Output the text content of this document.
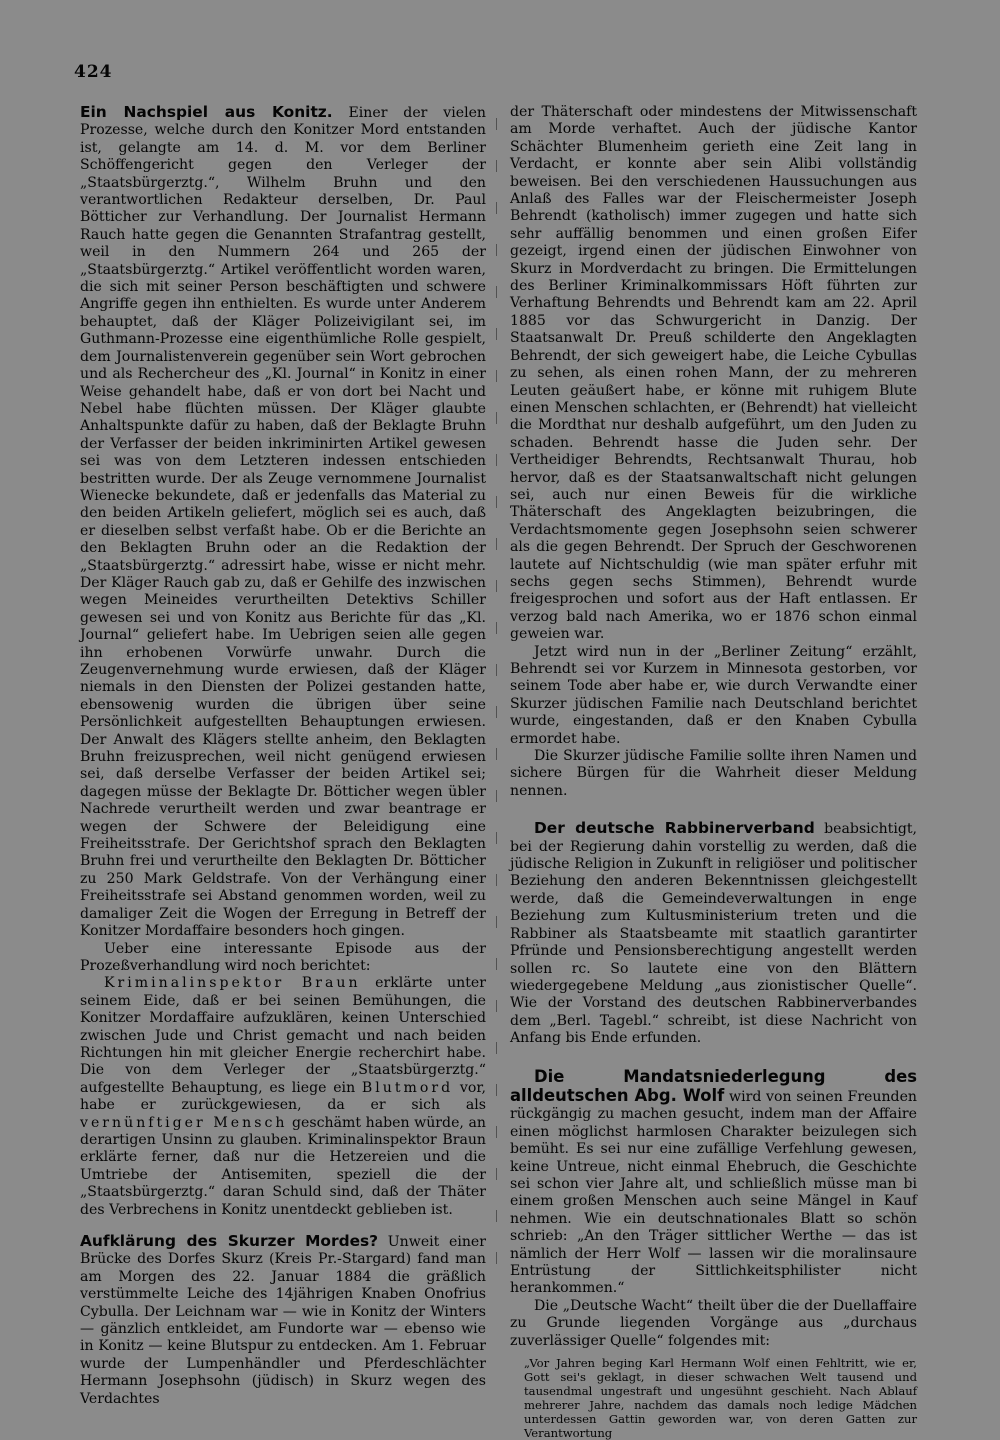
424

Ein Nachspiel aus Konitz. Einer der vielen Prozesse, welche durch den Konitzer Mord entstanden ist, gelangte am 14. d. M. vor dem Berliner Schöffengericht gegen den Verleger der „Staatsbürgerztg.“, Wilhelm Bruhn und den verantwortlichen Redakteur derselben, Dr. Paul Bötticher zur Verhandlung. Der Journalist Hermann Rauch hatte gegen die Genannten Strafantrag gestellt, weil in den Nummern 264 und 265 der „Staatsbürgerztg.“ Artikel veröffentlicht worden waren, die sich mit seiner Person beschäftigten und schwere Angriffe gegen ihn enthielten. Es wurde unter Anderem behauptet, daß der Kläger Polizeivigilant sei, im Guthmann-Prozesse eine eigenthümliche Rolle gespielt, dem Journalistenverein gegenüber sein Wort gebrochen und als Rechercheur des „Kl. Journal“ in Konitz in einer Weise gehandelt habe, daß er von dort bei Nacht und Nebel habe flüchten müssen. Der Kläger glaubte Anhaltspunkte dafür zu haben, daß der Beklagte Bruhn der Verfasser der beiden inkriminirten Artikel gewesen sei was von dem Letzteren indessen entschieden bestritten wurde. Der als Zeuge vernommene Journalist Wienecke bekundete, daß er jedenfalls das Material zu den beiden Artikeln geliefert, möglich sei es auch, daß er dieselben selbst verfaßt habe. Ob er die Berichte an den Beklagten Bruhn oder an die Redaktion der „Staatsbürgerztg.“ adressirt habe, wisse er nicht mehr. Der Kläger Rauch gab zu, daß er Gehilfe des inzwischen wegen Meineides verurtheilten Detektivs Schiller gewesen sei und von Konitz aus Berichte für das „Kl. Journal“ geliefert habe. Im Uebrigen seien alle gegen ihn erhobenen Vorwürfe unwahr. Durch die Zeugenvernehmung wurde erwiesen, daß der Kläger niemals in den Diensten der Polizei gestanden hatte, ebensowenig wurden die übrigen über seine Persönlichkeit aufgestellten Behauptungen erwiesen. Der Anwalt des Klägers stellte anheim, den Beklagten Bruhn freizusprechen, weil nicht genügend erwiesen sei, daß derselbe Verfasser der beiden Artikel sei; dagegen müsse der Beklagte Dr. Bötticher wegen übler Nachrede verurtheilt werden und zwar beantrage er wegen der Schwere der Beleidigung eine Freiheitsstrafe. Der Gerichtshof sprach den Beklagten Bruhn frei und verurtheilte den Beklagten Dr. Bötticher zu 250 Mark Geldstrafe. Von der Verhängung einer Freiheitsstrafe sei Abstand genommen worden, weil zu damaliger Zeit die Wogen der Erregung in Betreff der Konitzer Mordaffaire besonders hoch gingen.

Ueber eine interessante Episode aus der Prozeßverhandlung wird noch berichtet:

Kriminalinspektor Braun erklärte unter seinem Eide, daß er bei seinen Bemühungen, die Konitzer Mordaffaire aufzuklären, keinen Unterschied zwischen Jude und Christ gemacht und nach beiden Richtungen hin mit gleicher Energie recherchirt habe. Die von dem Verleger der „Staatsbürgerztg.“ aufgestellte Behauptung, es liege ein Blutmord vor, habe er zurückgewiesen, da er sich als vernünftiger Mensch geschämt haben würde, an derartigen Unsinn zu glauben. Kriminalinspektor Braun erklärte ferner, daß nur die Hetzereien und die Umtriebe der Antisemiten, speziell die der „Staatsbürgerztg.“ daran Schuld sind, daß der Thäter des Verbrechens in Konitz unentdeckt geblieben ist.

Aufklärung des Skurzer Mordes? Unweit einer Brücke des Dorfes Skurz (Kreis Pr.-Stargard) fand man am Morgen des 22. Januar 1884 die gräßlich verstümmelte Leiche des 14jährigen Knaben Onofrius Cybulla. Der Leichnam war — wie in Konitz der Winters — gänzlich entkleidet, am Fundorte war — ebenso wie in Konitz — keine Blutspur zu entdecken. Am 1. Februar wurde der Lumpenhändler und Pferdeschlächter Hermann Josephsohn (jüdisch) in Skurz wegen des Verdachtes

der Thäterschaft oder mindestens der Mitwissenschaft am Morde verhaftet. Auch der jüdische Kantor Schächter Blumenheim gerieth eine Zeit lang in Verdacht, er konnte aber sein Alibi vollständig beweisen. Bei den verschiedenen Haussuchungen aus Anlaß des Falles war der Fleischermeister Joseph Behrendt (katholisch) immer zugegen und hatte sich sehr auffällig benommen und einen großen Eifer gezeigt, irgend einen der jüdischen Einwohner von Skurz in Mordverdacht zu bringen. Die Ermittelungen des Berliner Kriminalkommissars Höft führten zur Verhaftung Behrendts und Behrendt kam am 22. April 1885 vor das Schwurgericht in Danzig. Der Staatsanwalt Dr. Preuß schilderte den Angeklagten Behrendt, der sich geweigert habe, die Leiche Cybullas zu sehen, als einen rohen Mann, der zu mehreren Leuten geäußert habe, er könne mit ruhigem Blute einen Menschen schlachten, er (Behrendt) hat vielleicht die Mordthat nur deshalb aufgeführt, um den Juden zu schaden. Behrendt hasse die Juden sehr. Der Vertheidiger Behrendts, Rechtsanwalt Thurau, hob hervor, daß es der Staatsanwaltschaft nicht gelungen sei, auch nur einen Beweis für die wirkliche Thäterschaft des Angeklagten beizubringen, die Verdachtsmomente gegen Josephsohn seien schwerer als die gegen Behrendt. Der Spruch der Geschworenen lautete auf Nichtschuldig (wie man später erfuhr mit sechs gegen sechs Stimmen), Behrendt wurde freigesprochen und sofort aus der Haft entlassen. Er verzog bald nach Amerika, wo er 1876 schon einmal geweien war.

Jetzt wird nun in der „Berliner Zeitung“ erzählt, Behrendt sei vor Kurzem in Minnesota gestorben, vor seinem Tode aber habe er, wie durch Verwandte einer Skurzer jüdischen Familie nach Deutschland berichtet wurde, eingestanden, daß er den Knaben Cybulla ermordet habe.

Die Skurzer jüdische Familie sollte ihren Namen und sichere Bürgen für die Wahrheit dieser Meldung nennen.

Der deutsche Rabbinerverband beabsichtigt, bei der Regierung dahin vorstellig zu werden, daß die jüdische Religion in Zukunft in religiöser und politischer Beziehung den anderen Bekenntnissen gleichgestellt werde, daß die Gemeindeverwaltungen in enge Beziehung zum Kultusministerium treten und die Rabbiner als Staatsbeamte mit staatlich garantirter Pfründe und Pensionsberechtigung angestellt werden sollen rc. So lautete eine von den Blättern wiedergegebene Meldung „aus zionistischer Quelle“. Wie der Vorstand des deutschen Rabbinerverbandes dem „Berl. Tagebl.“ schreibt, ist diese Nachricht von Anfang bis Ende erfunden.

Die Mandatsniederlegung des alldeutschen Abg. Wolf wird von seinen Freunden rückgängig zu machen gesucht, indem man der Affaire einen möglichst harmlosen Charakter beizulegen sich bemüht. Es sei nur eine zufällige Verfehlung gewesen, keine Untreue, nicht einmal Ehebruch, die Geschichte sei schon vier Jahre alt, und schließlich müsse man bi einem großen Menschen auch seine Mängel in Kauf nehmen. Wie ein deutschnationales Blatt so schön schrieb: „An den Träger sittlicher Werthe — das ist nämlich der Herr Wolf — lassen wir die moralinsaure Entrüstung der Sittlichkeitsphilister nicht herankommen.“

Die „Deutsche Wacht“ theilt über die der Duellaffaire zu Grunde liegenden Vorgänge aus „durchaus zuverlässiger Quelle“ folgendes mit:

„Vor Jahren beging Karl Hermann Wolf einen Fehltritt, wie er, Gott sei's geklagt, in dieser schwachen Welt tausend und tausendmal ungestraft und ungesühnt geschieht. Nach Ablauf mehrerer Jahre, nachdem das damals noch ledige Mädchen unterdessen Gattin geworden war, von deren Gatten zur Verantwortung
